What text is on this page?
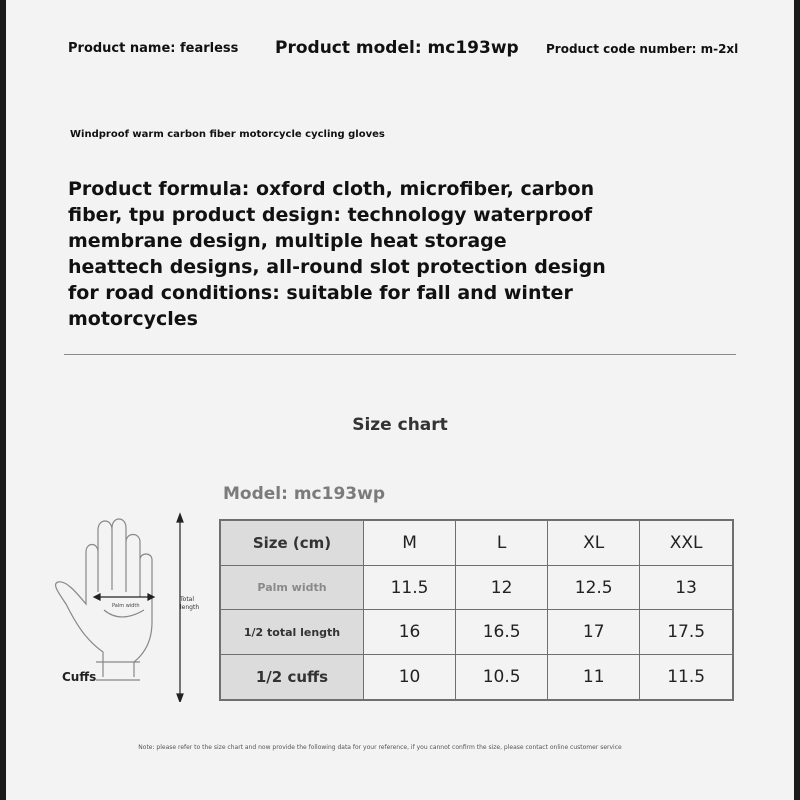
Product name: fearless Product model: mc193wp Product code number: m-2xl
Windproof warm carbon fiber motorcycle cycling gloves
Product formula: oxford cloth, microfiber, carbon fiber, tpu product design: technology waterproof membrane design, multiple heat storage heattech designs, all-round slot protection design for road conditions: suitable for fall and winter motorcycles
Size chart
Model: mc193wp
Palm width
Total length
Cuffs
Size (cm)	M	L	XL	XXL
Palm width	11.5	12	12.5	13
1/2 total length	16	16.5	17	17.5
1/2 cuffs	10	10.5	11	11.5
Note: please refer to the size chart and now provide the following data for your reference, if you cannot confirm the size, please contact online customer service
